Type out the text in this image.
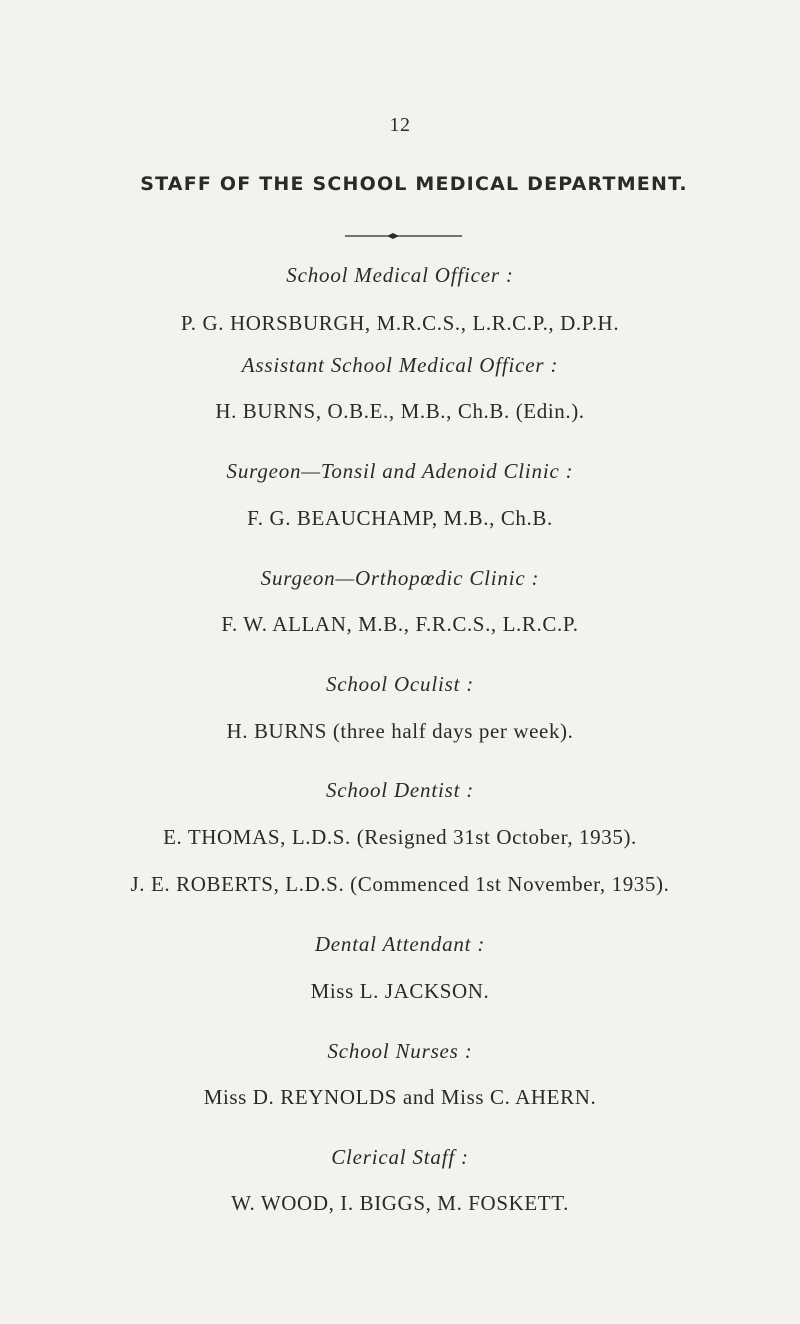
12
STAFF OF THE SCHOOL MEDICAL DEPARTMENT.
School Medical Officer :
P. G. HORSBURGH, M.R.C.S., L.R.C.P., D.P.H.
Assistant School Medical Officer :
H. BURNS, O.B.E., M.B., Ch.B. (Edin.).
Surgeon—Tonsil and Adenoid Clinic :
F. G. BEAUCHAMP, M.B., Ch.B.
Surgeon—Orthopœdic Clinic :
F. W. ALLAN, M.B., F.R.C.S., L.R.C.P.
School Oculist :
H. BURNS (three half days per week).
School Dentist :
E. THOMAS, L.D.S. (Resigned 31st October, 1935).
J. E. ROBERTS, L.D.S. (Commenced 1st November, 1935).
Dental Attendant :
Miss L. JACKSON.
School Nurses :
Miss D. REYNOLDS and Miss C. AHERN.
Clerical Staff :
W. WOOD, I. BIGGS, M. FOSKETT.
